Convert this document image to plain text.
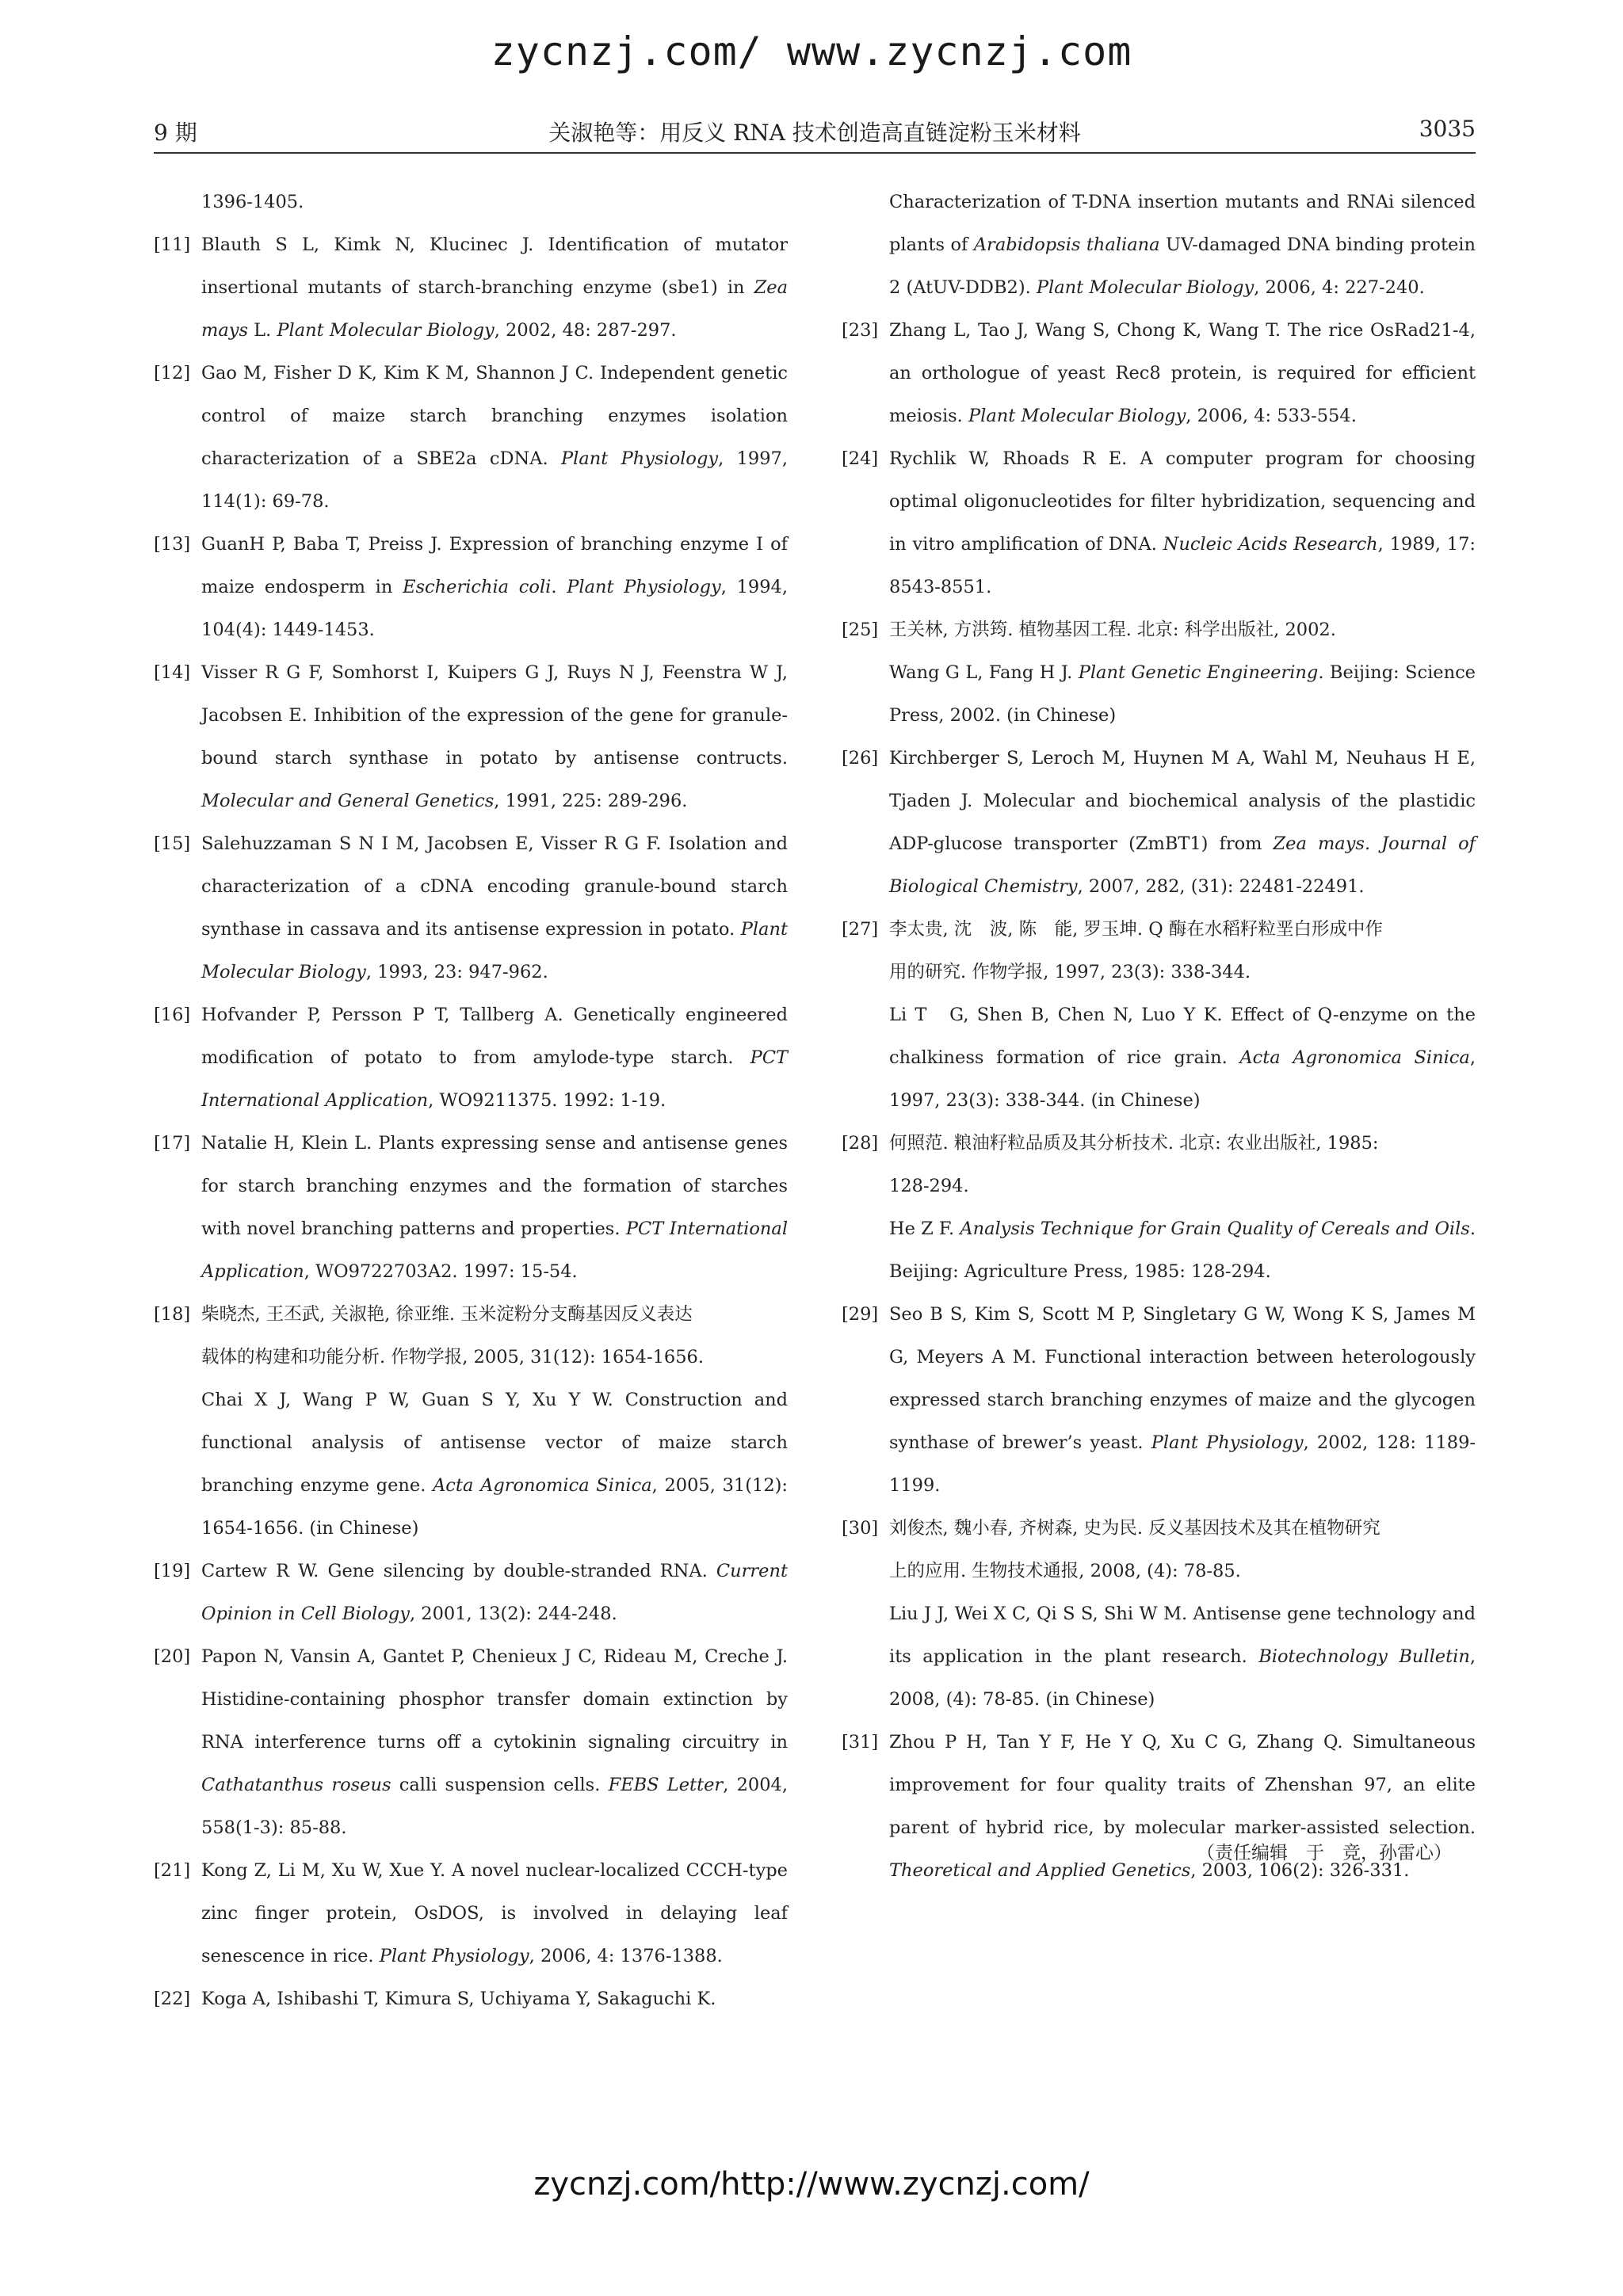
zycnzj.com/ www.zycnzj.com
9 期	关淑艳等：用反义 RNA 技术创造高直链淀粉玉米材料	3035
1396-1405.
[11] Blauth S L, Kimk N, Klucinec J. Identification of mutator insertional mutants of starch-branching enzyme (sbe1) in Zea mays L. Plant Molecular Biology, 2002, 48: 287-297.
[12] Gao M, Fisher D K, Kim K M, Shannon J C. Independent genetic control of maize starch branching enzymes isolation characterization of a SBE2a cDNA. Plant Physiology, 1997, 114(1): 69-78.
[13] GuanH P, Baba T, Preiss J. Expression of branching enzyme I of maize endosperm in Escherichia coli. Plant Physiology, 1994, 104(4): 1449-1453.
[14] Visser R G F, Somhorst I, Kuipers G J, Ruys N J, Feenstra W J, Jacobsen E. Inhibition of the expression of the gene for granule-bound starch synthase in potato by antisense contructs. Molecular and General Genetics, 1991, 225: 289-296.
[15] Salehuzzaman S N I M, Jacobsen E, Visser R G F. Isolation and characterization of a cDNA encoding granule-bound starch synthase in cassava and its antisense expression in potato. Plant Molecular Biology, 1993, 23: 947-962.
[16] Hofvander P, Persson P T, Tallberg A. Genetically engineered modification of potato to from amylode-type starch. PCT International Application, WO9211375. 1992: 1-19.
[17] Natalie H, Klein L. Plants expressing sense and antisense genes for starch branching enzymes and the formation of starches with novel branching patterns and properties. PCT International Application, WO9722703A2. 1997: 15-54.
[18] 柴晓杰, 王丕武, 关淑艳, 徐亚维. 玉米淀粉分支酶基因反义表达
载体的构建和功能分析. 作物学报, 2005, 31(12): 1654-1656.
Chai X J, Wang P W, Guan S Y, Xu Y W. Construction and functional analysis of antisense vector of maize starch branching enzyme gene. Acta Agronomica Sinica, 2005, 31(12): 1654-1656. (in Chinese)
[19] Cartew R W. Gene silencing by double-stranded RNA. Current Opinion in Cell Biology, 2001, 13(2): 244-248.
[20] Papon N, Vansin A, Gantet P, Chenieux J C, Rideau M, Creche J. Histidine-containing phosphor transfer domain extinction by RNA interference turns off a cytokinin signaling circuitry in Cathatanthus roseus calli suspension cells. FEBS Letter, 2004, 558(1-3): 85-88.
[21] Kong Z, Li M, Xu W, Xue Y. A novel nuclear-localized CCCH-type zinc finger protein, OsDOS, is involved in delaying leaf senescence in rice. Plant Physiology, 2006, 4: 1376-1388.
[22] Koga A, Ishibashi T, Kimura S, Uchiyama Y, Sakaguchi K.
Characterization of T-DNA insertion mutants and RNAi silenced plants of Arabidopsis thaliana UV-damaged DNA binding protein 2 (AtUV-DDB2). Plant Molecular Biology, 2006, 4: 227-240.
[23] Zhang L, Tao J, Wang S, Chong K, Wang T. The rice OsRad21-4, an orthologue of yeast Rec8 protein, is required for efficient meiosis. Plant Molecular Biology, 2006, 4: 533-554.
[24] Rychlik W, Rhoads R E. A computer program for choosing optimal oligonucleotides for filter hybridization, sequencing and in vitro amplification of DNA. Nucleic Acids Research, 1989, 17: 8543-8551.
[25] 王关林, 方洪筠. 植物基因工程. 北京: 科学出版社, 2002.
Wang G L, Fang H J. Plant Genetic Engineering. Beijing: Science Press, 2002. (in Chinese)
[26] Kirchberger S, Leroch M, Huynen M A, Wahl M, Neuhaus H E, Tjaden J. Molecular and biochemical analysis of the plastidic ADP-glucose transporter (ZmBT1) from Zea mays. Journal of Biological Chemistry, 2007, 282, (31): 22481-22491.
[27] 李太贵, 沈　波, 陈　能, 罗玉坤. Q 酶在水稻籽粒垩白形成中作
用的研究. 作物学报, 1997, 23(3): 338-344.
Li T　G, Shen B, Chen N, Luo Y K. Effect of Q-enzyme on the chalkiness formation of rice grain. Acta Agronomica Sinica, 1997, 23(3): 338-344. (in Chinese)
[28] 何照范. 粮油籽粒品质及其分析技术. 北京: 农业出版社, 1985:
128-294.
He Z F. Analysis Technique for Grain Quality of Cereals and Oils. Beijing: Agriculture Press, 1985: 128-294.
[29] Seo B S, Kim S, Scott M P, Singletary G W, Wong K S, James M G, Meyers A M. Functional interaction between heterologously expressed starch branching enzymes of maize and the glycogen synthase of brewer’s yeast. Plant Physiology, 2002, 128: 1189-1199.
[30] 刘俊杰, 魏小春, 齐树森, 史为民. 反义基因技术及其在植物研究
上的应用. 生物技术通报, 2008, (4): 78-85.
Liu J J, Wei X C, Qi S S, Shi W M. Antisense gene technology and its application in the plant research. Biotechnology Bulletin, 2008, (4): 78-85. (in Chinese)
[31] Zhou P H, Tan Y F, He Y Q, Xu C G, Zhang Q. Simultaneous improvement for four quality traits of Zhenshan 97, an elite parent of hybrid rice, by molecular marker-assisted selection. Theoretical and Applied Genetics, 2003, 106(2): 326-331.
（责任编辑　于　竞，孙雷心）
zycnzj.com/http://www.zycnzj.com/
